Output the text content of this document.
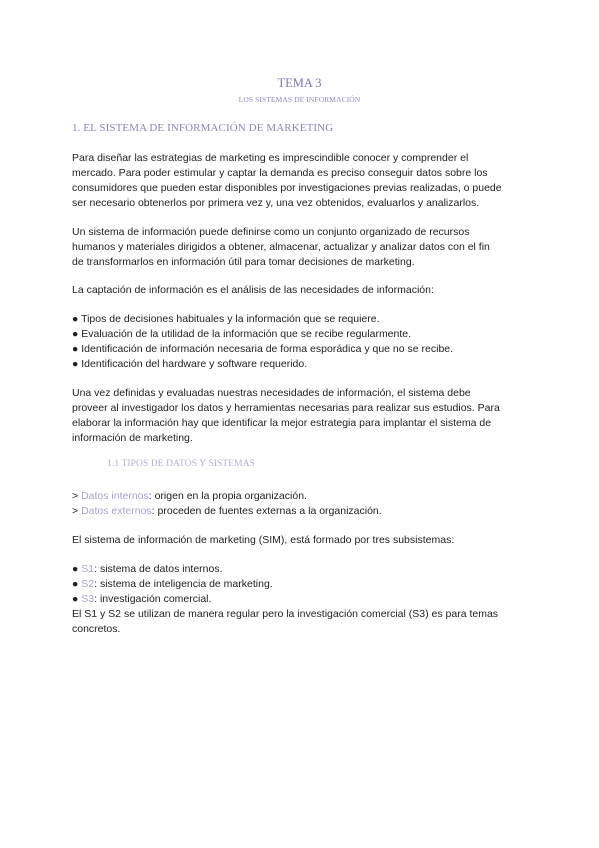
TEMA 3
LOS SISTEMAS DE INFORMACIÓN
1. EL SISTEMA DE INFORMACIÓN DE MARKETING

Para diseñar las estrategias de marketing es imprescindible conocer y comprender el
mercado. Para poder estimular y captar la demanda es preciso conseguir datos sobre los
consumidores que pueden estar disponibles por investigaciones previas realizadas, o puede
ser necesario obtenerlos por primera vez y, una vez obtenidos, evaluarlos y analizarlos.

Un sistema de información puede definirse como un conjunto organizado de recursos
humanos y materiales dirigidos a obtener, almacenar, actualizar y analizar datos con el fin
de transformarlos en información útil para tomar decisiones de marketing.

La captación de información es el análisis de las necesidades de información:

● Tipos de decisiones habituales y la información que se requiere.
● Evaluación de la utilidad de la información que se recibe regularmente.
● Identificación de información necesaria de forma esporádica y que no se recibe.
● Identificación del hardware y software requerido.

Una vez definidas y evaluadas nuestras necesidades de información, el sistema debe
proveer al investigador los datos y herramientas necesarias para realizar sus estudios. Para
elaborar la información hay que identificar la mejor estrategia para implantar el sistema de
información de marketing.

1.1 TIPOS DE DATOS Y SISTEMAS

> Datos internos: origen en la propia organización.
> Datos externos: proceden de fuentes externas a la organización.

El sistema de información de marketing (SIM), está formado por tres subsistemas:

● S1: sistema de datos internos.
● S2: sistema de inteligencia de marketing.
● S3: investigación comercial.
El S1 y S2 se utilizan de manera regular pero la investigación comercial (S3) es para temas
concretos.
